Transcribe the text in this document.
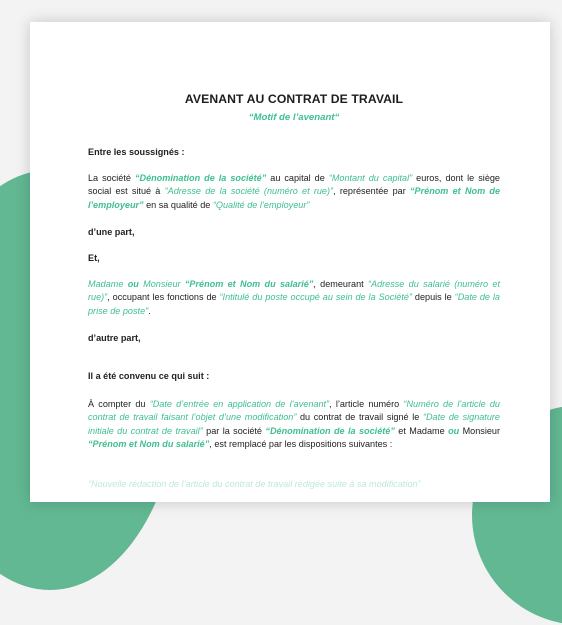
AVENANT AU CONTRAT DE TRAVAIL
“Motif de l’avenant“

Entre les soussignés :

La société “Dénomination de la société” au capital de “Montant du capital” euros, dont le siège social est situé à “Adresse de la société (numéro et rue)”, représentée par “Prénom et Nom de l’employeur” en sa qualité de “Qualité de l’employeur”

d’une part,

Et,

Madame ou Monsieur “Prénom et Nom du salarié”, demeurant “Adresse du salarié (numéro et rue)”, occupant les fonctions de “Intitulé du poste occupé au sein de la Société” depuis le “Date de la prise de poste”.

d’autre part,

Il a été convenu ce qui suit :

À compter du “Date d’entrée en application de l’avenant”, l’article numéro “Numéro de l’article du contrat de travail faisant l’objet d’une modification” du contrat de travail signé le “Date de signature initiale du contrat de travail” par la société “Dénomination de la société” et Madame ou Monsieur “Prénom et Nom du salarié”, est remplacé par les dispositions suivantes :

“Nouvelle rédaction de l’article du contrat de travail rédigée suite à sa modification”
